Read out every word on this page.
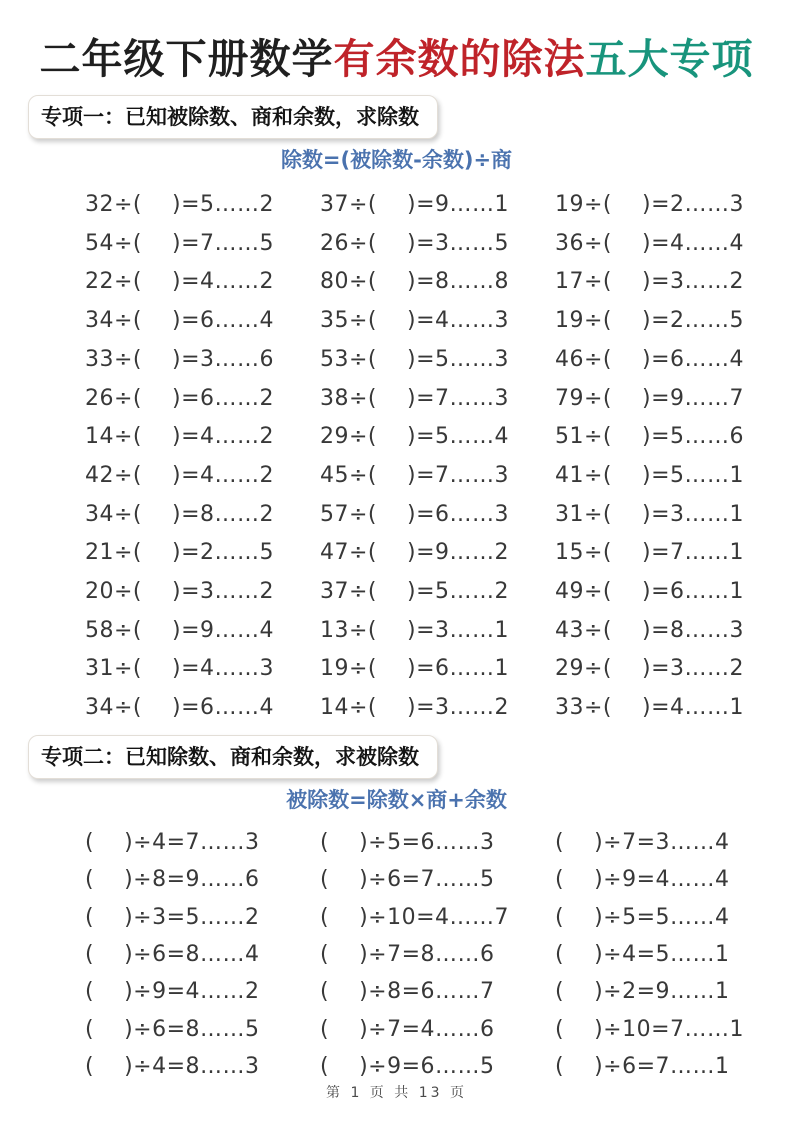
二年级下册数学有余数的除法五大专项
专项一：已知被除数、商和余数，求除数
除数=(被除数-余数)÷商
32÷(　 )=5……2	37÷(　 )=9……1	19÷(　 )=2……3
54÷(　 )=7……5	26÷(　 )=3……5	36÷(　 )=4……4
22÷(　 )=4……2	80÷(　 )=8……8	17÷(　 )=3……2
34÷(　 )=6……4	35÷(　 )=4……3	19÷(　 )=2……5
33÷(　 )=3……6	53÷(　 )=5……3	46÷(　 )=6……4
26÷(　 )=6……2	38÷(　 )=7……3	79÷(　 )=9……7
14÷(　 )=4……2	29÷(　 )=5……4	51÷(　 )=5……6
42÷(　 )=4……2	45÷(　 )=7……3	41÷(　 )=5……1
34÷(　 )=8……2	57÷(　 )=6……3	31÷(　 )=3……1
21÷(　 )=2……5	47÷(　 )=9……2	15÷(　 )=7……1
20÷(　 )=3……2	37÷(　 )=5……2	49÷(　 )=6……1
58÷(　 )=9……4	13÷(　 )=3……1	43÷(　 )=8……3
31÷(　 )=4……3	19÷(　 )=6……1	29÷(　 )=3……2
34÷(　 )=6……4	14÷(　 )=3……2	33÷(　 )=4……1
专项二：已知除数、商和余数，求被除数
被除数=除数×商+余数
(　 )÷4=7……3	(　 )÷5=6……3	(　 )÷7=3……4
(　 )÷8=9……6	(　 )÷6=7……5	(　 )÷9=4……4
(　 )÷3=5……2	(　 )÷10=4……7	(　 )÷5=5……4
(　 )÷6=8……4	(　 )÷7=8……6	(　 )÷4=5……1
(　 )÷9=4……2	(　 )÷8=6……7	(　 )÷2=9……1
(　 )÷6=8……5	(　 )÷7=4……6	(　 )÷10=7……1
(　 )÷4=8……3	(　 )÷9=6……5	(　 )÷6=7……1
第 1 页 共 13 页
